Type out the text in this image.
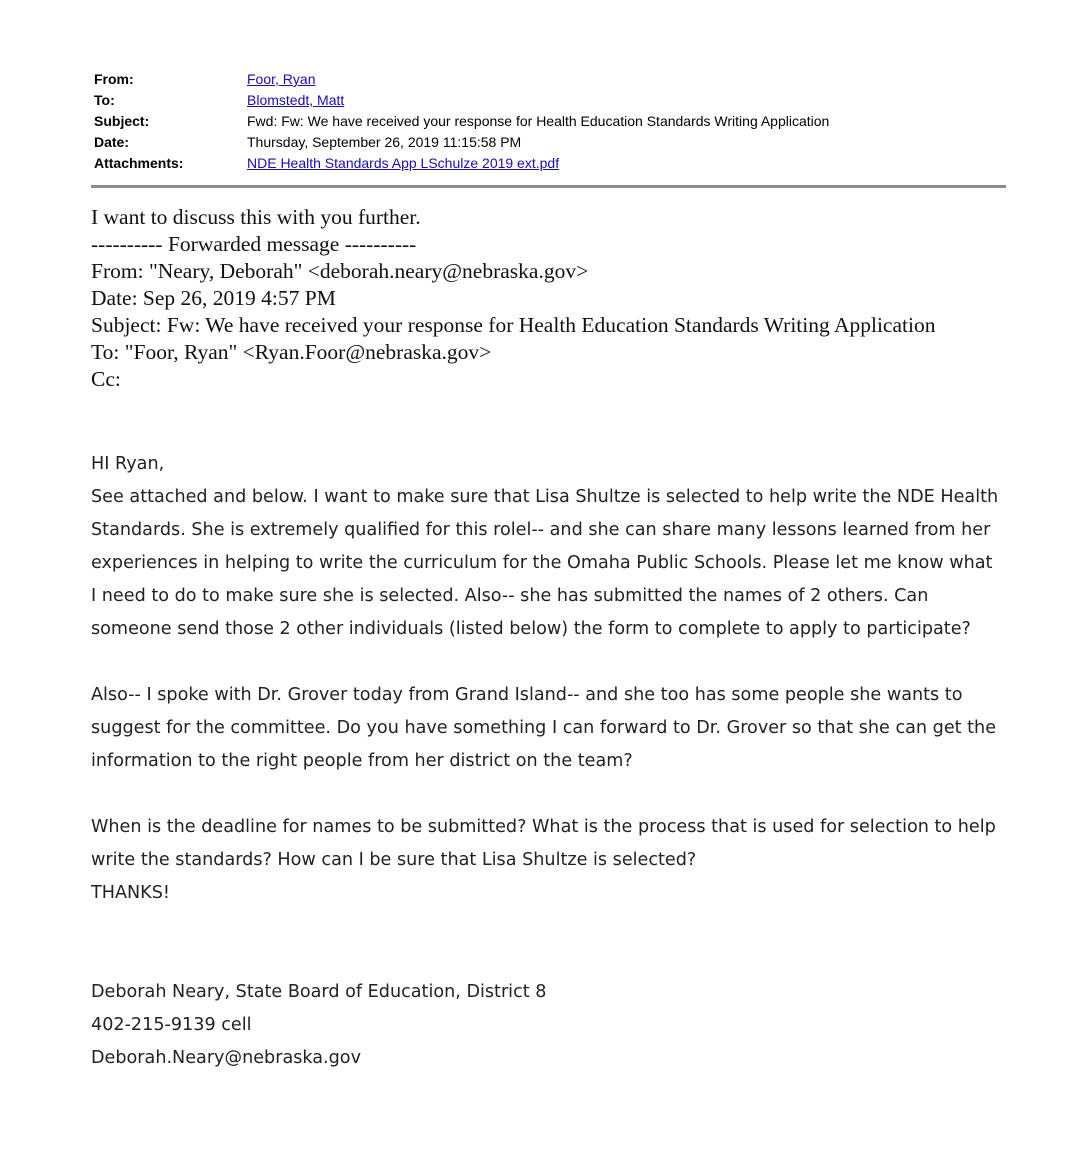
From:	Foor, Ryan
To:	Blomstedt, Matt
Subject:	Fwd: Fw: We have received your response for Health Education Standards Writing Application
Date:	Thursday, September 26, 2019 11:15:58 PM
Attachments:	NDE Health Standards App LSchulze 2019 ext.pdf
I want to discuss this with you further.
---------- Forwarded message ----------
From: "Neary, Deborah" <deborah.neary@nebraska.gov>
Date: Sep 26, 2019 4:57 PM
Subject: Fw: We have received your response for Health Education Standards Writing Application
To: "Foor, Ryan" <Ryan.Foor@nebraska.gov>
Cc:

HI Ryan,

See attached and below. I want to make sure that Lisa Shultze is selected to help write the NDE Health Standards. She is extremely qualified for this rolel-- and she can share many lessons learned from her experiences in helping to write the curriculum for the Omaha Public Schools. Please let me know what I need to do to make sure she is selected. Also-- she has submitted the names of 2 others. Can someone send those 2 other individuals (listed below) the form to complete to apply to participate?

Also-- I spoke with Dr. Grover today from Grand Island-- and she too has some people she wants to suggest for the committee. Do you have something I can forward to Dr. Grover so that she can get the information to the right people from her district on the team?

When is the deadline for names to be submitted? What is the process that is used for selection to help write the standards? How can I be sure that Lisa Shultze is selected?

THANKS!

Deborah Neary, State Board of Education, District 8

402-215-9139 cell

Deborah.Neary@nebraska.gov
